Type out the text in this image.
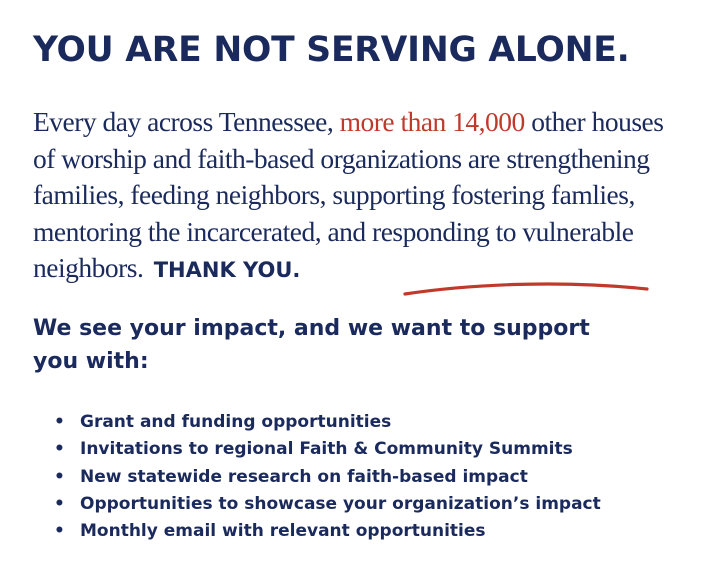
YOU ARE NOT SERVING ALONE.

Every day across Tennessee, more than 14,000 other houses of worship and faith-based organizations are strengthening families, feeding neighbors, supporting fostering famlies, mentoring the incarcerated, and responding to vulnerable neighbors. THANK YOU.

We see your impact, and we want to support you with:
• Grant and funding opportunities
• Invitations to regional Faith & Community Summits
• New statewide research on faith-based impact
• Opportunities to showcase your organization’s impact
• Monthly email with relevant opportunities
